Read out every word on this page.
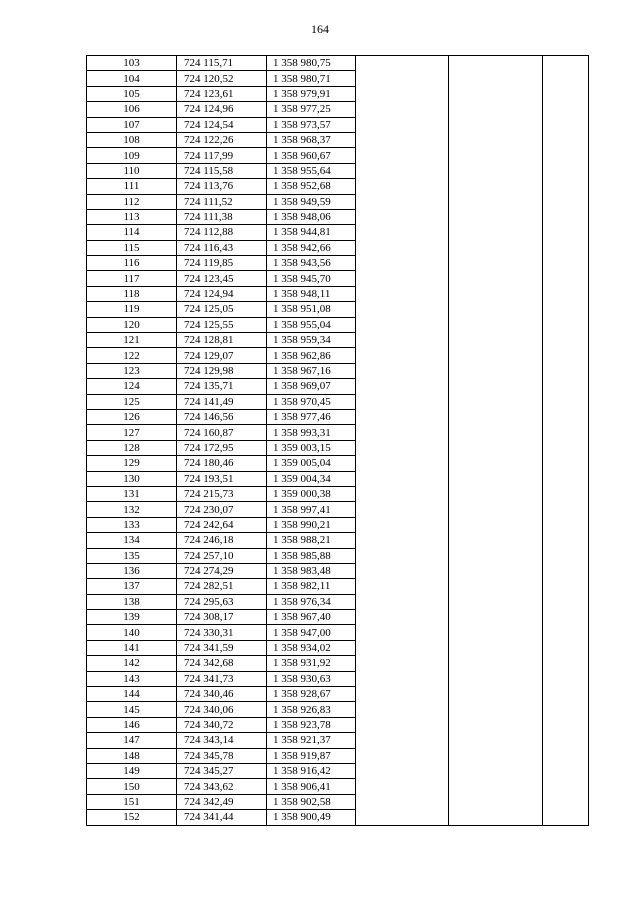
164
103	724 115,71	1 358 980,75			
104	724 120,52	1 358 980,71			
105	724 123,61	1 358 979,91			
106	724 124,96	1 358 977,25			
107	724 124,54	1 358 973,57			
108	724 122,26	1 358 968,37			
109	724 117,99	1 358 960,67			
110	724 115,58	1 358 955,64			
111	724 113,76	1 358 952,68			
112	724 111,52	1 358 949,59			
113	724 111,38	1 358 948,06			
114	724 112,88	1 358 944,81			
115	724 116,43	1 358 942,66			
116	724 119,85	1 358 943,56			
117	724 123,45	1 358 945,70			
118	724 124,94	1 358 948,11			
119	724 125,05	1 358 951,08			
120	724 125,55	1 358 955,04			
121	724 128,81	1 358 959,34			
122	724 129,07	1 358 962,86			
123	724 129,98	1 358 967,16			
124	724 135,71	1 358 969,07			
125	724 141,49	1 358 970,45			
126	724 146,56	1 358 977,46			
127	724 160,87	1 358 993,31			
128	724 172,95	1 359 003,15			
129	724 180,46	1 359 005,04			
130	724 193,51	1 359 004,34			
131	724 215,73	1 359 000,38			
132	724 230,07	1 358 997,41			
133	724 242,64	1 358 990,21			
134	724 246,18	1 358 988,21			
135	724 257,10	1 358 985,88			
136	724 274,29	1 358 983,48			
137	724 282,51	1 358 982,11			
138	724 295,63	1 358 976,34			
139	724 308,17	1 358 967,40			
140	724 330,31	1 358 947,00			
141	724 341,59	1 358 934,02			
142	724 342,68	1 358 931,92			
143	724 341,73	1 358 930,63			
144	724 340,46	1 358 928,67			
145	724 340,06	1 358 926,83			
146	724 340,72	1 358 923,78			
147	724 343,14	1 358 921,37			
148	724 345,78	1 358 919,87			
149	724 345,27	1 358 916,42			
150	724 343,62	1 358 906,41			
151	724 342,49	1 358 902,58			
152	724 341,44	1 358 900,49			
